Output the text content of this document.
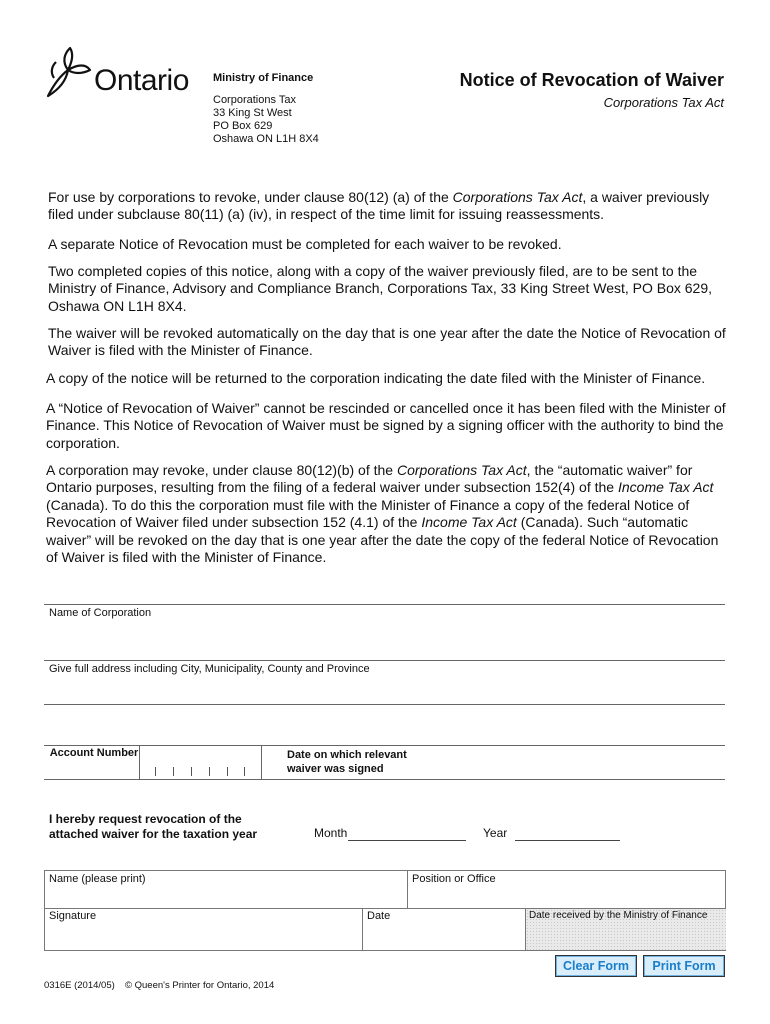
Ontario Ministry of Finance
Corporations Tax
33 King St West
PO Box 629
Oshawa ON L1H 8X4
Notice of Revocation of Waiver
Corporations Tax Act
For use by corporations to revoke, under clause 80(12) (a) of the Corporations Tax Act, a waiver previously filed under subclause 80(11) (a) (iv), in respect of the time limit for issuing reassessments.
A separate Notice of Revocation must be completed for each waiver to be revoked.
Two completed copies of this notice, along with a copy of the waiver previously filed, are to be sent to the Ministry of Finance, Advisory and Compliance Branch, Corporations Tax, 33 King Street West, PO Box 629, Oshawa ON L1H 8X4.
The waiver will be revoked automatically on the day that is one year after the date the Notice of Revocation of Waiver is filed with the Minister of Finance.
A copy of the notice will be returned to the corporation indicating the date filed with the Minister of Finance.
A “Notice of Revocation of Waiver” cannot be rescinded or cancelled once it has been filed with the Minister of Finance. This Notice of Revocation of Waiver must be signed by a signing officer with the authority to bind the corporation.
A corporation may revoke, under clause 80(12)(b) of the Corporations Tax Act, the “automatic waiver” for Ontario purposes, resulting from the filing of a federal waiver under subsection 152(4) of the Income Tax Act (Canada). To do this the corporation must file with the Minister of Finance a copy of the federal Notice of Revocation of Waiver filed under subsection 152 (4.1) of the Income Tax Act (Canada). Such “automatic waiver” will be revoked on the day that is one year after the date the copy of the federal Notice of Revocation of Waiver is filed with the Minister of Finance.
Name of Corporation
Give full address including City, Municipality, County and Province
Account Number	Date on which relevant waiver was signed
I hereby request revocation of the attached waiver for the taxation year	Month	Year
Name (please print)	Position or Office
Signature	Date	Date received by the Ministry of Finance
Clear Form	Print Form
0316E (2014/05) © Queen's Printer for Ontario, 2014
